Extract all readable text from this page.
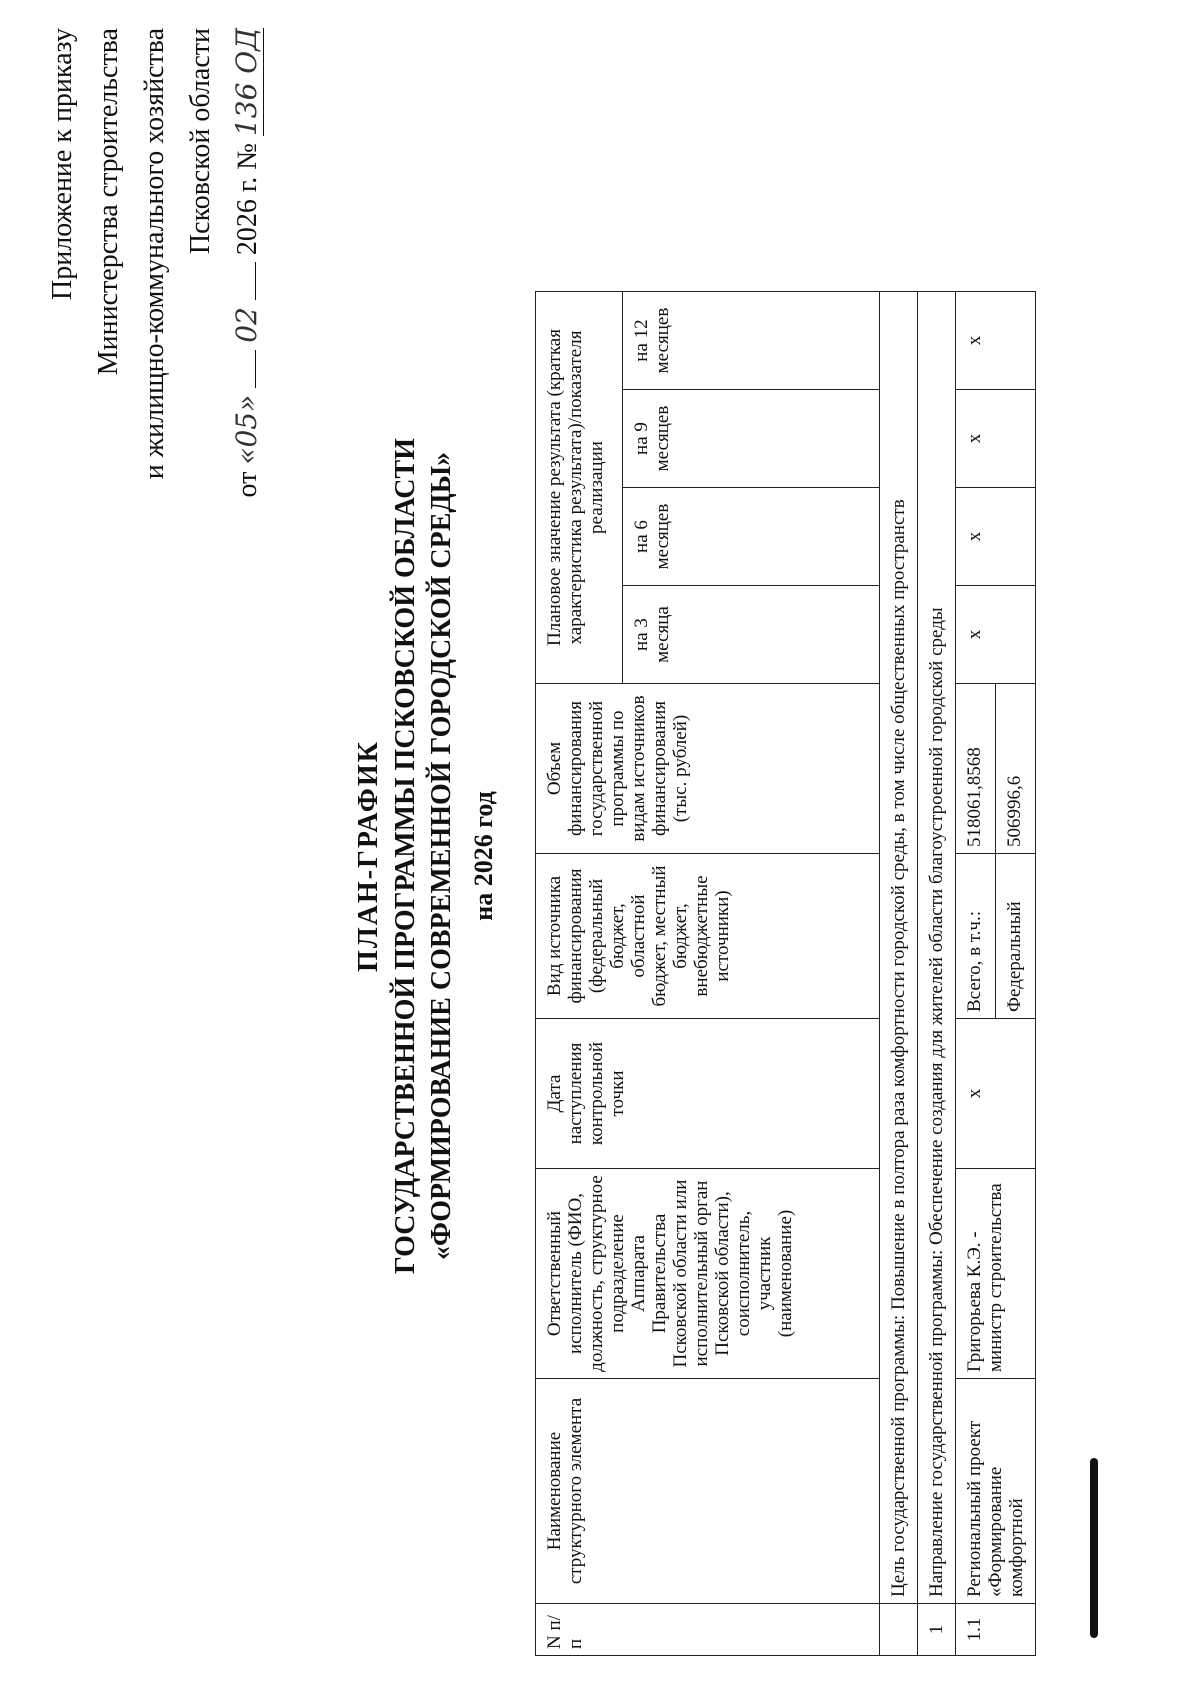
Приложение к приказу Министерства строительства и жилищно-коммунального хозяйства Псковской области
от «05»  02  2026 г. № 136 ОД
ПЛАН-ГРАФИК ГОСУДАРСТВЕННОЙ ПРОГРАММЫ ПСКОВСКОЙ ОБЛАСТИ «ФОРМИРОВАНИЕ СОВРЕМЕННОЙ ГОРОДСКОЙ СРЕДЫ» на 2026 год
N п/п	Наименование структурного элемента	Ответственный исполнитель (ФИО, должность, структурное подразделение Аппарата Правительства Псковской области или исполнительный орган Псковской области), соисполнитель, участник (наименование)	Дата наступления контрольной точки	Вид источника финансирования (федеральный бюджет, областной бюджет, местный бюджет, внебюджетные источники)	Объем финансирования государственной программы по видам источников финансирования (тыс. рублей)	Плановое значение результата (краткая характеристика результата)/показателя реализации			
						на 3 месяца	на 6 месяцев	на 9 месяцев	на 12 месяцев
	Цель государственной программы: Повышение в полтора раза комфортности городской среды, в том числе общественных пространств								
1	Направление государственной программы: Обеспечение создания для жителей области благоустроенной городской среды								
1.1	Региональный проект «Формирование комфортной	Григорьева К.Э. - министр строительства	х	Всего, в т.ч.:	518061,8568	х	х	х	х
				Федеральный	506996,6				
